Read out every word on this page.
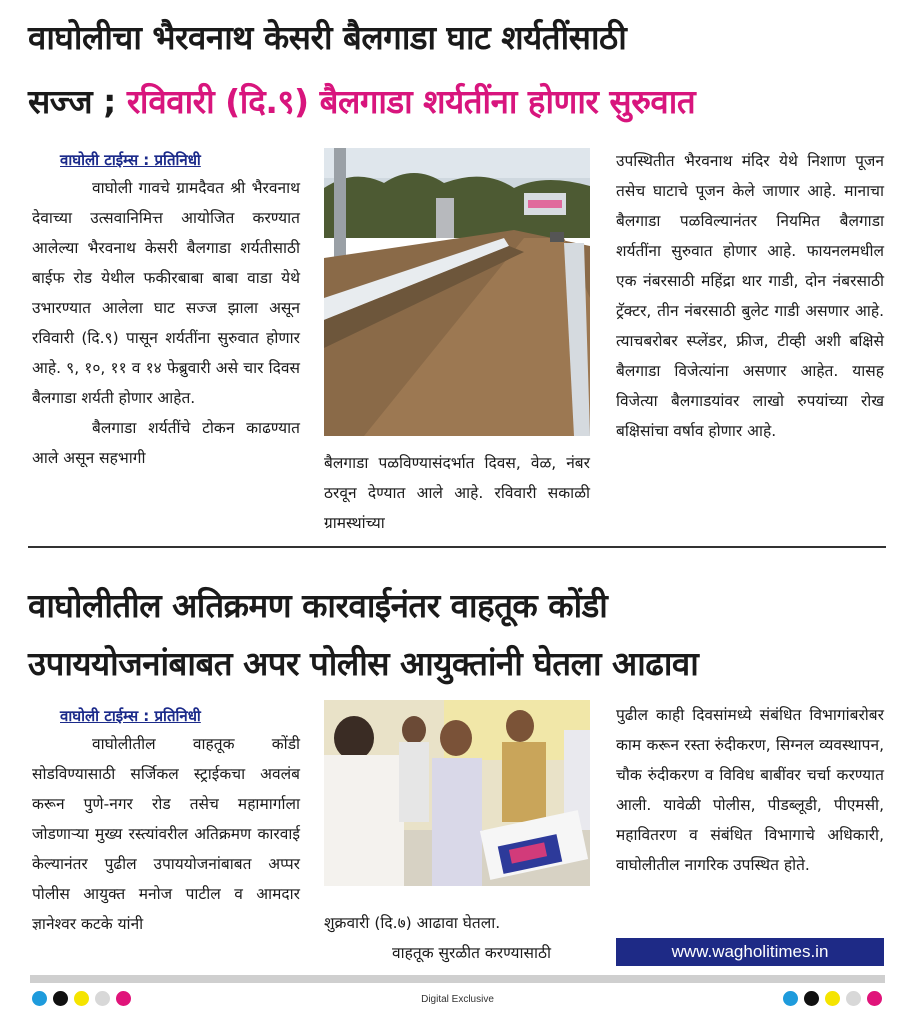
वाघोलीचा भैरवनाथ केसरी बैलगाडा घाट शर्यतींसाठी
सज्ज ; रविवारी (दि.९) बैलगाडा शर्यतींना होणार सुरुवात
वाघोली टाईम्स : प्रतिनिधी

वाघोली गावचे ग्रामदैवत श्री भैरवनाथ देवाच्या उत्सवानिमित्त आयोजित करण्यात आलेल्या भैरवनाथ केसरी बैलगाडा शर्यतीसाठी बाईफ रोड येथील फकीरबाबा बाबा वाडा येथे उभारण्यात आलेला घाट सज्ज झाला असून रविवारी (दि.९) पासून शर्यतींना सुरुवात होणार आहे. ९, १०, ११ व १४ फेब्रुवारी असे चार दिवस बैलगाडा शर्यती होणार आहेत.

बैलगाडा शर्यतींचे टोकन काढण्यात आले असून सहभागी	बैलगाडा पळविण्यासंदर्भात दिवस, वेळ, नंबर ठरवून देण्यात आले आहे. रविवारी सकाळी ग्रामस्थांच्या
उपस्थितीत भैरवनाथ मंदिर येथे निशाण पूजन तसेच घाटाचे पूजन केले जाणार आहे. मानाचा बैलगाडा पळविल्यानंतर नियमित बैलगाडा शर्यतींना सुरुवात होणार आहे. फायनलमधील एक नंबरसाठी महिंद्रा थार गाडी, दोन नंबरसाठी ट्रॅक्टर, तीन नंबरसाठी बुलेट गाडी असणार आहे. त्याचबरोबर स्प्लेंडर, फ्रीज, टीव्ही अशी बक्षिसे बैलगाडा विजेत्यांना असणार आहेत. यासह विजेत्या बैलगाडयांवर लाखो रुपयांच्या रोख बक्षिसांचा वर्षाव होणार आहे.
वाघोलीतील अतिक्रमण कारवाईनंतर वाहतूक कोंडी
उपाययोजनांबाबत अपर पोलीस आयुक्तांनी घेतला आढावा
वाघोली टाईम्स : प्रतिनिधी

वाघोलीतील वाहतूक कोंडी सोडविण्यासाठी सर्जिकल स्ट्राईकचा अवलंब करून पुणे-नगर रोड तसेच महामार्गाला जोडणाऱ्या मुख्य रस्त्यांवरील अतिक्रमण कारवाई केल्यानंतर पुढील उपाययोजनांबाबत अप्पर पोलीस आयुक्त मनोज पाटील व आमदार ज्ञानेश्वर कटके यांनी	शुक्रवारी (दि.७) आढावा घेतला.
वाहतूक सुरळीत करण्यासाठी
पुढील काही दिवसांमध्ये संबंधित विभागांबरोबर काम करून रस्ता रुंदीकरण, सिग्नल व्यवस्थापन, चौक रुंदीकरण व विविध बाबींवर चर्चा करण्यात आली. यावेळी पोलीस, पीडब्लूडी, पीएमसी, महावितरण व संबंधित विभागाचे अधिकारी, वाघोलीतील नागरिक उपस्थित होते.
www.wagholitimes.in
Digital Exclusive
